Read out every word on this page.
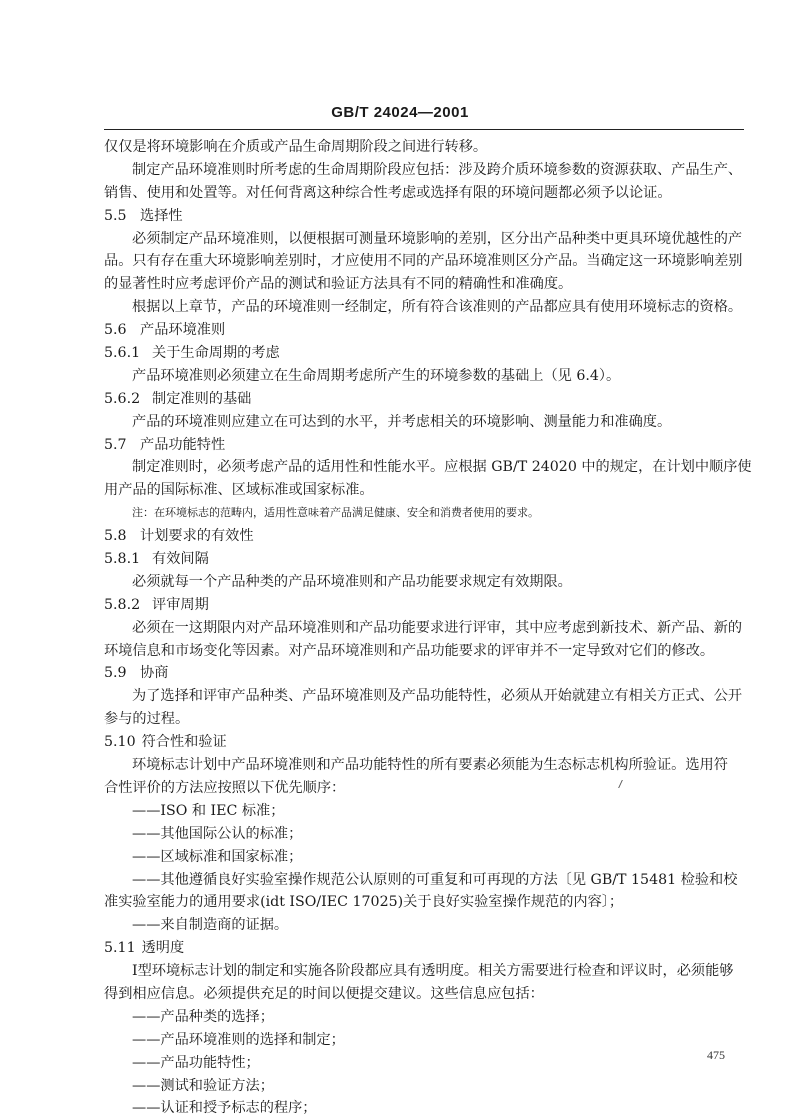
GB/T 24024—2001
仅仅是将环境影响在介质或产品生命周期阶段之间进行转移。
制定产品环境准则时所考虑的生命周期阶段应包括：涉及跨介质环境参数的资源获取、产品生产、
销售、使用和处置等。对任何背离这种综合性考虑或选择有限的环境问题都必须予以论证。
5.5 选择性
必须制定产品环境准则，以便根据可测量环境影响的差别，区分出产品种类中更具环境优越性的产
品。只有存在重大环境影响差别时，才应使用不同的产品环境准则区分产品。当确定这一环境影响差别
的显著性时应考虑评价产品的测试和验证方法具有不同的精确性和准确度。
根据以上章节，产品的环境准则一经制定，所有符合该准则的产品都应具有使用环境标志的资格。
5.6 产品环境准则
5.6.1 关于生命周期的考虑
产品环境准则必须建立在生命周期考虑所产生的环境参数的基础上（见 6.4）。
5.6.2 制定准则的基础
产品的环境准则应建立在可达到的水平，并考虑相关的环境影响、测量能力和准确度。
5.7 产品功能特性
制定准则时，必须考虑产品的适用性和性能水平。应根据 GB/T 24020 中的规定，在计划中顺序使
用产品的国际标准、区域标准或国家标准。
注：在环境标志的范畴内，适用性意味着产品满足健康、安全和消费者使用的要求。
5.8 计划要求的有效性
5.8.1 有效间隔
必须就每一个产品种类的产品环境准则和产品功能要求规定有效期限。
5.8.2 评审周期
必须在一这期限内对产品环境准则和产品功能要求进行评审，其中应考虑到新技术、新产品、新的
环境信息和市场变化等因素。对产品环境准则和产品功能要求的评审并不一定导致对它们的修改。
5.9 协商
为了选择和评审产品种类、产品环境准则及产品功能特性，必须从开始就建立有相关方正式、公开
参与的过程。
5.10 符合性和验证
环境标志计划中产品环境准则和产品功能特性的所有要素必须能为生态标志机构所验证。选用符
合性评价的方法应按照以下优先顺序：
——ISO 和 IEC 标准；
——其他国际公认的标准；
——区域标准和国家标准；
——其他遵循良好实验室操作规范公认原则的可重复和可再现的方法〔见 GB/T 15481 检验和校
准实验室能力的通用要求(idt ISO/IEC 17025)关于良好实验室操作规范的内容〕；
——来自制造商的证据。
5.11 透明度
Ⅰ型环境标志计划的制定和实施各阶段都应具有透明度。相关方需要进行检查和评议时，必须能够
得到相应信息。必须提供充足的时间以便提交建议。这些信息应包括：
——产品种类的选择；
——产品环境准则的选择和制定；
——产品功能特性；
——测试和验证方法；
——认证和授予标志的程序；
475
